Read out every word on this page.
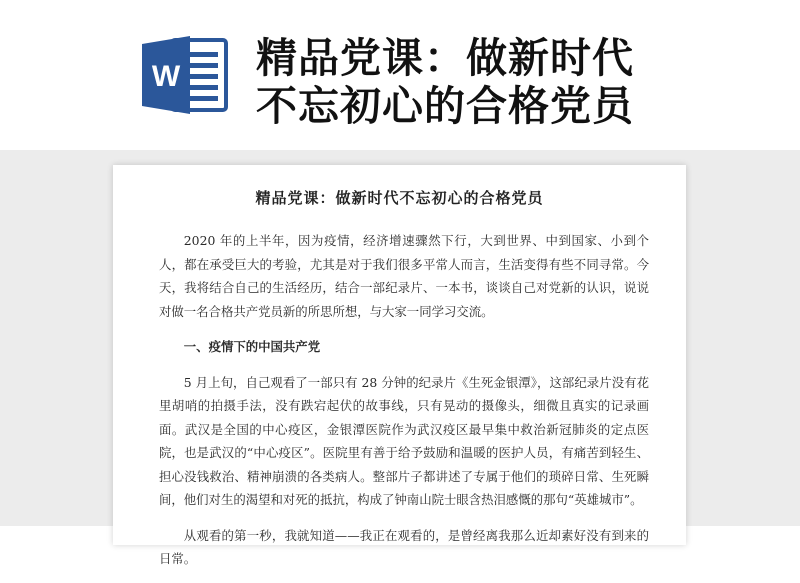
W 精品党课：做新时代
不忘初心的合格党员
精品党课：做新时代不忘初心的合格党员

2020 年的上半年，因为疫情，经济增速骤然下行，大到世界、中到国家、小到个人，都在承受巨大的考验，尤其是对于我们很多平常人而言，生活变得有些不同寻常。今天，我将结合自己的生活经历，结合一部纪录片、一本书，谈谈自己对党新的认识，说说对做一名合格共产党员新的所思所想，与大家一同学习交流。

一、疫情下的中国共产党

5 月上旬，自己观看了一部只有 28 分钟的纪录片《生死金银潭》，这部纪录片没有花里胡哨的拍摄手法，没有跌宕起伏的故事线，只有晃动的摄像头，细微且真实的记录画面。武汉是全国的中心疫区，金银潭医院作为武汉疫区最早集中救治新冠肺炎的定点医院，也是武汉的“中心疫区”。医院里有善于给予鼓励和温暖的医护人员，有痛苦到轻生、担心没钱救治、精神崩溃的各类病人。整部片子都讲述了专属于他们的琐碎日常、生死瞬间，他们对生的渴望和对死的抵抗，构成了钟南山院士眼含热泪感慨的那句“英雄城市”。

从观看的第一秒，我就知道——我正在观看的，是曾经离我那么近却素好没有到来的日常。
